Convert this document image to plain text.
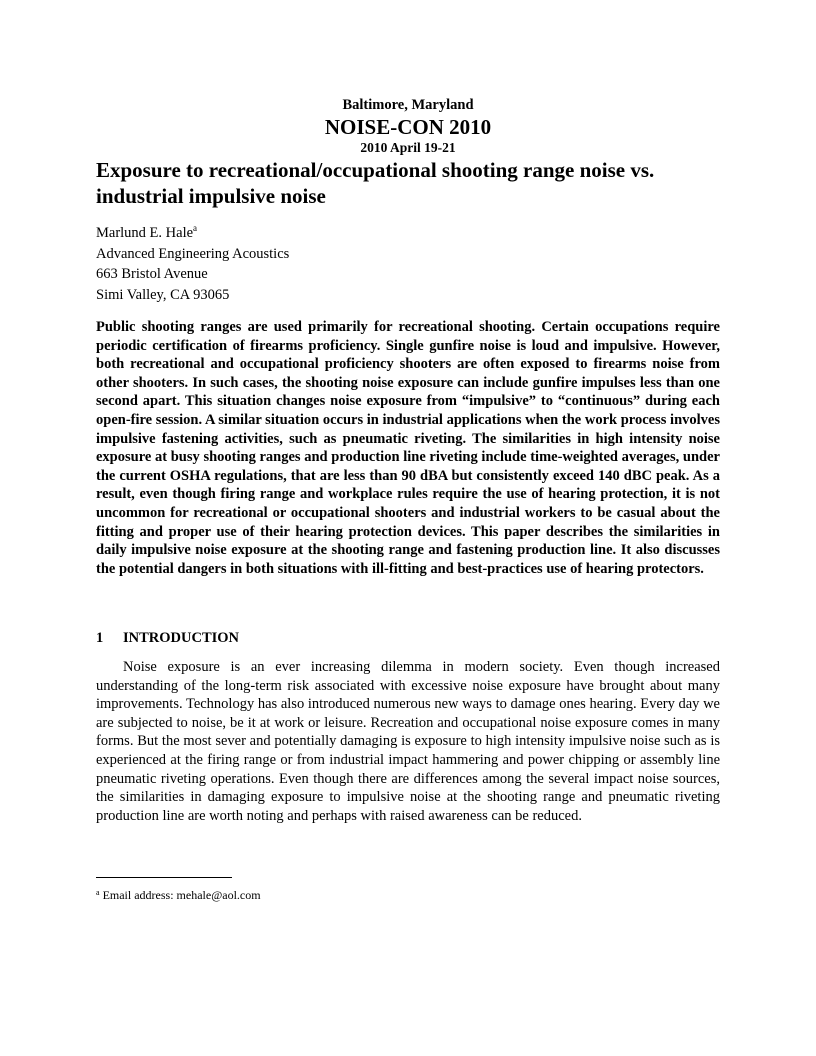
Baltimore, Maryland
NOISE-CON 2010
2010 April 19-21
Exposure to recreational/occupational shooting range noise vs. industrial impulsive noise
Marlund E. Hale$^a$
Advanced Engineering Acoustics
663 Bristol Avenue
Simi Valley, CA 93065

Public shooting ranges are used primarily for recreational shooting. Certain occupations require periodic certification of firearms proficiency. Single gunfire noise is loud and impulsive. However, both recreational and occupational proficiency shooters are often exposed to firearms noise from other shooters. In such cases, the shooting noise exposure can include gunfire impulses less than one second apart. This situation changes noise exposure from “impulsive” to “continuous” during each open-fire session. A similar situation occurs in industrial applications when the work process involves impulsive fastening activities, such as pneumatic riveting. The similarities in high intensity noise exposure at busy shooting ranges and production line riveting include time-weighted averages, under the current OSHA regulations, that are less than 90 dBA but consistently exceed 140 dBC peak. As a result, even though firing range and workplace rules require the use of hearing protection, it is not uncommon for recreational or occupational shooters and industrial workers to be casual about the fitting and proper use of their hearing protection devices. This paper describes the similarities in daily impulsive noise exposure at the shooting range and fastening production line. It also discusses the potential dangers in both situations with ill-fitting and best-practices use of hearing protectors.

1 INTRODUCTION

Noise exposure is an ever increasing dilemma in modern society. Even though increased understanding of the long-term risk associated with excessive noise exposure have brought about many improvements. Technology has also introduced numerous new ways to damage ones hearing. Every day we are subjected to noise, be it at work or leisure. Recreation and occupational noise exposure comes in many forms. But the most sever and potentially damaging is exposure to high intensity impulsive noise such as is experienced at the firing range or from industrial impact hammering and power chipping or assembly line pneumatic riveting operations. Even though there are differences among the several impact noise sources, the similarities in damaging exposure to impulsive noise at the shooting range and pneumatic riveting production line are worth noting and perhaps with raised awareness can be reduced.

$^a$ Email address: mehale@aol.com
